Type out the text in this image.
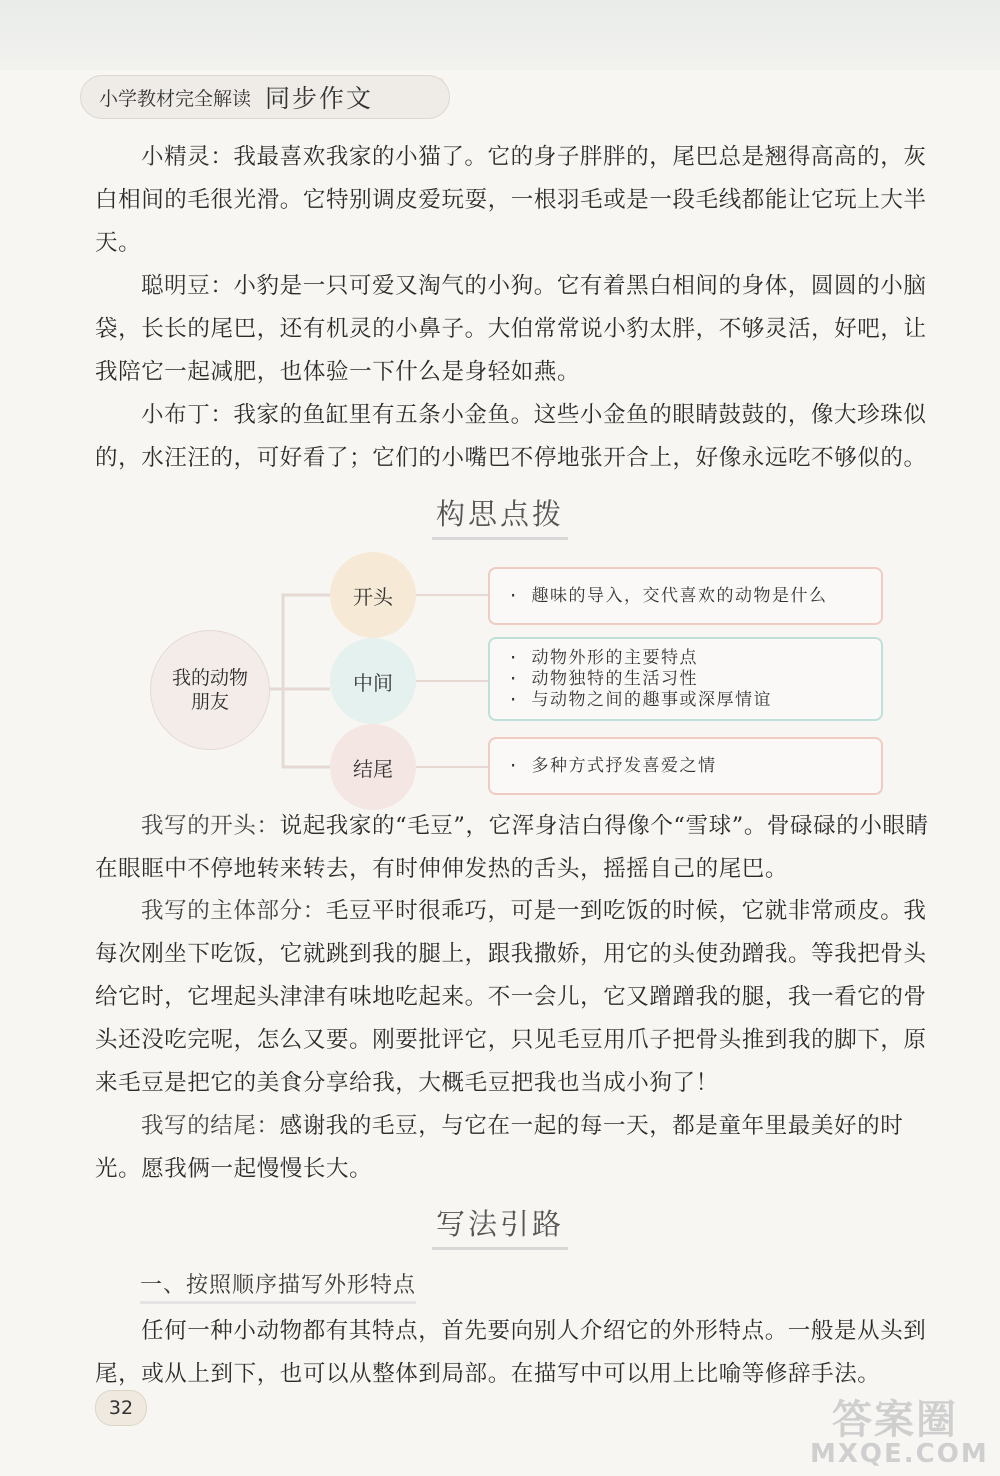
小学教材完全解读 同步作文

小精灵：我最喜欢我家的小猫了。它的身子胖胖的，尾巴总是翘得高高的，灰白相间的毛很光滑。它特别调皮爱玩耍，一根羽毛或是一段毛线都能让它玩上大半天。

聪明豆：小豹是一只可爱又淘气的小狗。它有着黑白相间的身体，圆圆的小脑袋，长长的尾巴，还有机灵的小鼻子。大伯常常说小豹太胖，不够灵活，好吧，让我陪它一起减肥，也体验一下什么是身轻如燕。

小布丁：我家的鱼缸里有五条小金鱼。这些小金鱼的眼睛鼓鼓的，像大珍珠似的，水汪汪的，可好看了；它们的小嘴巴不停地张开合上，好像永远吃不够似的。

构思点拨
我的动物朋友
开头
中间
结尾
· 趣味的导入，交代喜欢的动物是什么
· 动物外形的主要特点
· 动物独特的生活习性
· 与动物之间的趣事或深厚情谊
· 多种方式抒发喜爱之情

我写的开头：说起我家的“毛豆”，它浑身洁白得像个“雪球”。骨碌碌的小眼睛在眼眶中不停地转来转去，有时伸伸发热的舌头，摇摇自己的尾巴。

我写的主体部分：毛豆平时很乖巧，可是一到吃饭的时候，它就非常顽皮。我每次刚坐下吃饭，它就跳到我的腿上，跟我撒娇，用它的头使劲蹭我。等我把骨头给它时，它埋起头津津有味地吃起来。不一会儿，它又蹭蹭我的腿，我一看它的骨头还没吃完呢，怎么又要。刚要批评它，只见毛豆用爪子把骨头推到我的脚下，原来毛豆是把它的美食分享给我，大概毛豆把我也当成小狗了！

我写的结尾：感谢我的毛豆，与它在一起的每一天，都是童年里最美好的时光。愿我俩一起慢慢长大。

写法引路
一、按照顺序描写外形特点

任何一种小动物都有其特点，首先要向别人介绍它的外形特点。一般是从头到尾，或从上到下，也可以从整体到局部。在描写中可以用上比喻等修辞手法。

32	答案圈
MXQE.COM
